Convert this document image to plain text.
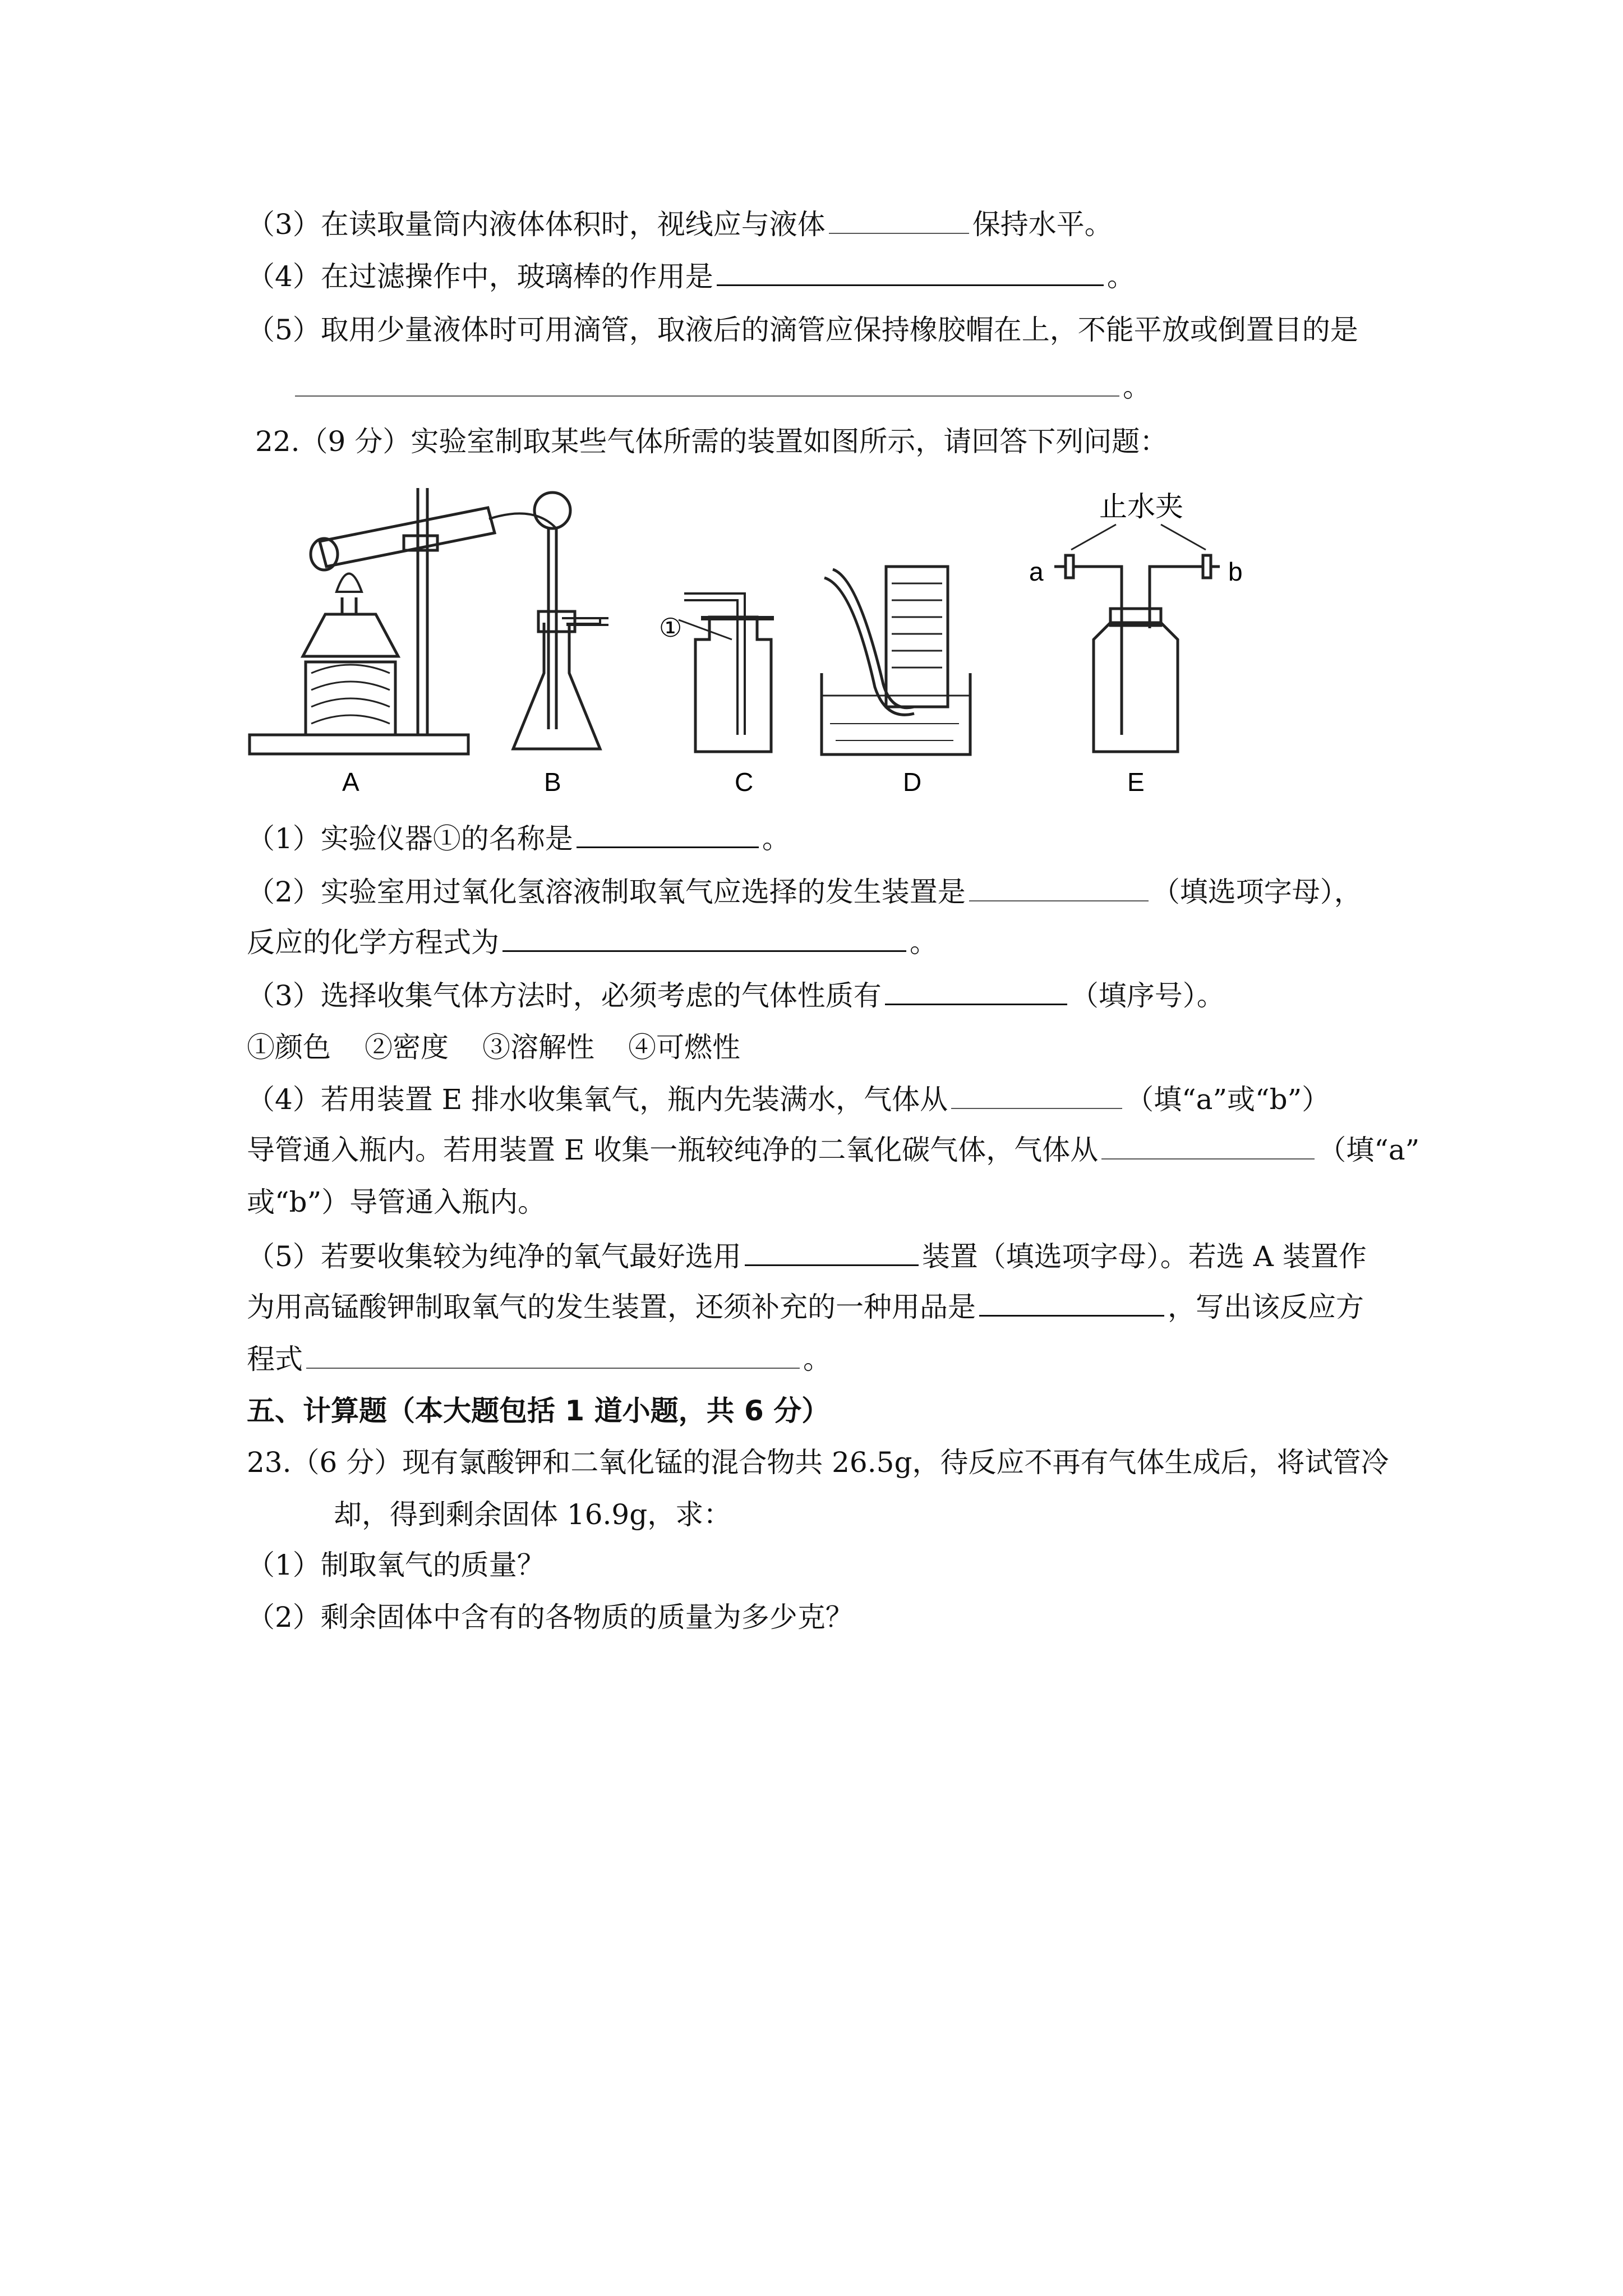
（3）在读取量筒内液体体积时，视线应与液体	保持水平。
（4）在过滤操作中，玻璃棒的作用是	。
（5）取用少量液体时可用滴管，取液后的滴管应保持橡胶帽在上，不能平放或倒置目的是
。
22.（9 分）实验室制取某些气体所需的装置如图所示，请回答下列问题：
A	B	C	D	E
止水夹
a	b
①
（1）实验仪器①的名称是	。
（2）实验室用过氧化氢溶液制取氧气应选择的发生装置是	（填选项字母），
反应的化学方程式为	。
（3）选择收集气体方法时，必须考虑的气体性质有	（填序号）。
①颜色 ②密度 ③溶解性 ④可燃性
（4）若用装置 E 排水收集氧气，瓶内先装满水，气体从	（填“a”或“b”）
导管通入瓶内。若用装置 E 收集一瓶较纯净的二氧化碳气体，气体从	（填“a”
或“b”）导管通入瓶内。
（5）若要收集较为纯净的氧气最好选用	装置（填选项字母）。若选 A 装置作
为用高锰酸钾制取氧气的发生装置，还须补充的一种用品是	，写出该反应方
程式	。
五、计算题（本大题包括 1 道小题，共 6 分）
23.（6 分）现有氯酸钾和二氧化锰的混合物共 26.5g，待反应不再有气体生成后，将试管冷
却，得到剩余固体 16.9g，求：
（1）制取氧气的质量？
（2）剩余固体中含有的各物质的质量为多少克？
